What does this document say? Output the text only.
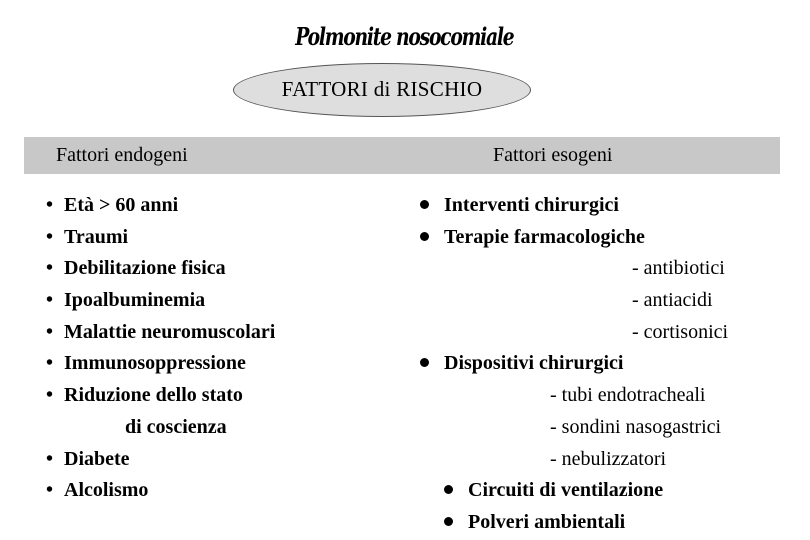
Polmonite nosocomiale
FATTORI di RISCHIO
Fattori endogeni	Fattori esogeni
• Età > 60 anni
• Traumi
• Debilitazione fisica
• Ipoalbuminemia
• Malattie neuromuscolari
• Immunosoppressione
• Riduzione dello stato
di coscienza
• Diabete
• Alcolismo
Interventi chirurgici
Terapie farmacologiche
- antibiotici
- antiacidi
- cortisonici
Dispositivi chirurgici
- tubi endotracheali
- sondini nasogastrici
- nebulizzatori
Circuiti di ventilazione
Polveri ambientali
